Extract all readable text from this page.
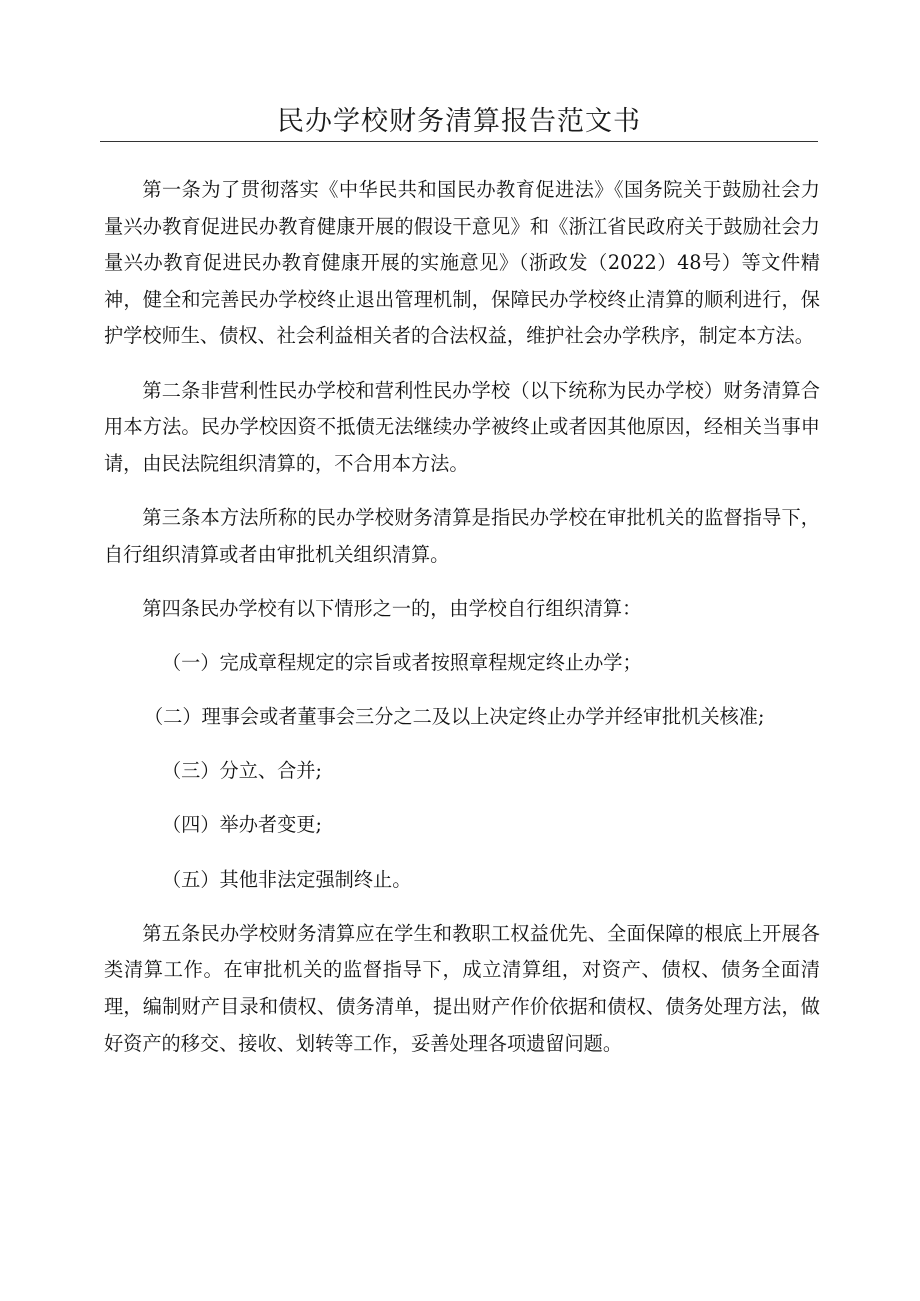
民办学校财务清算报告范文书

第一条为了贯彻落实《中华民共和国民办教育促进法》《国务院关于鼓励社会力量兴办教育促进民办教育健康开展的假设干意见》和《浙江省民政府关于鼓励社会力量兴办教育促进民办教育健康开展的实施意见》（浙政发（2022）48号）等文件精神，健全和完善民办学校终止退出管理机制，保障民办学校终止清算的顺利进行，保护学校师生、债权、社会利益相关者的合法权益，维护社会办学秩序，制定本方法。

第二条非营利性民办学校和营利性民办学校（以下统称为民办学校）财务清算合用本方法。民办学校因资不抵债无法继续办学被终止或者因其他原因，经相关当事申请，由民法院组织清算的，不合用本方法。

第三条本方法所称的民办学校财务清算是指民办学校在审批机关的监督指导下，自行组织清算或者由审批机关组织清算。

第四条民办学校有以下情形之一的，由学校自行组织清算：

（一）完成章程规定的宗旨或者按照章程规定终止办学；

（二）理事会或者董事会三分之二及以上决定终止办学并经审批机关核准;

（三）分立、合并;

（四）举办者变更;

（五）其他非法定强制终止。

第五条民办学校财务清算应在学生和教职工权益优先、全面保障的根底上开展各类清算工作。在审批机关的监督指导下，成立清算组，对资产、债权、债务全面清理，编制财产目录和债权、债务清单，提出财产作价依据和债权、债务处理方法，做好资产的移交、接收、划转等工作，妥善处理各项遗留问题。
